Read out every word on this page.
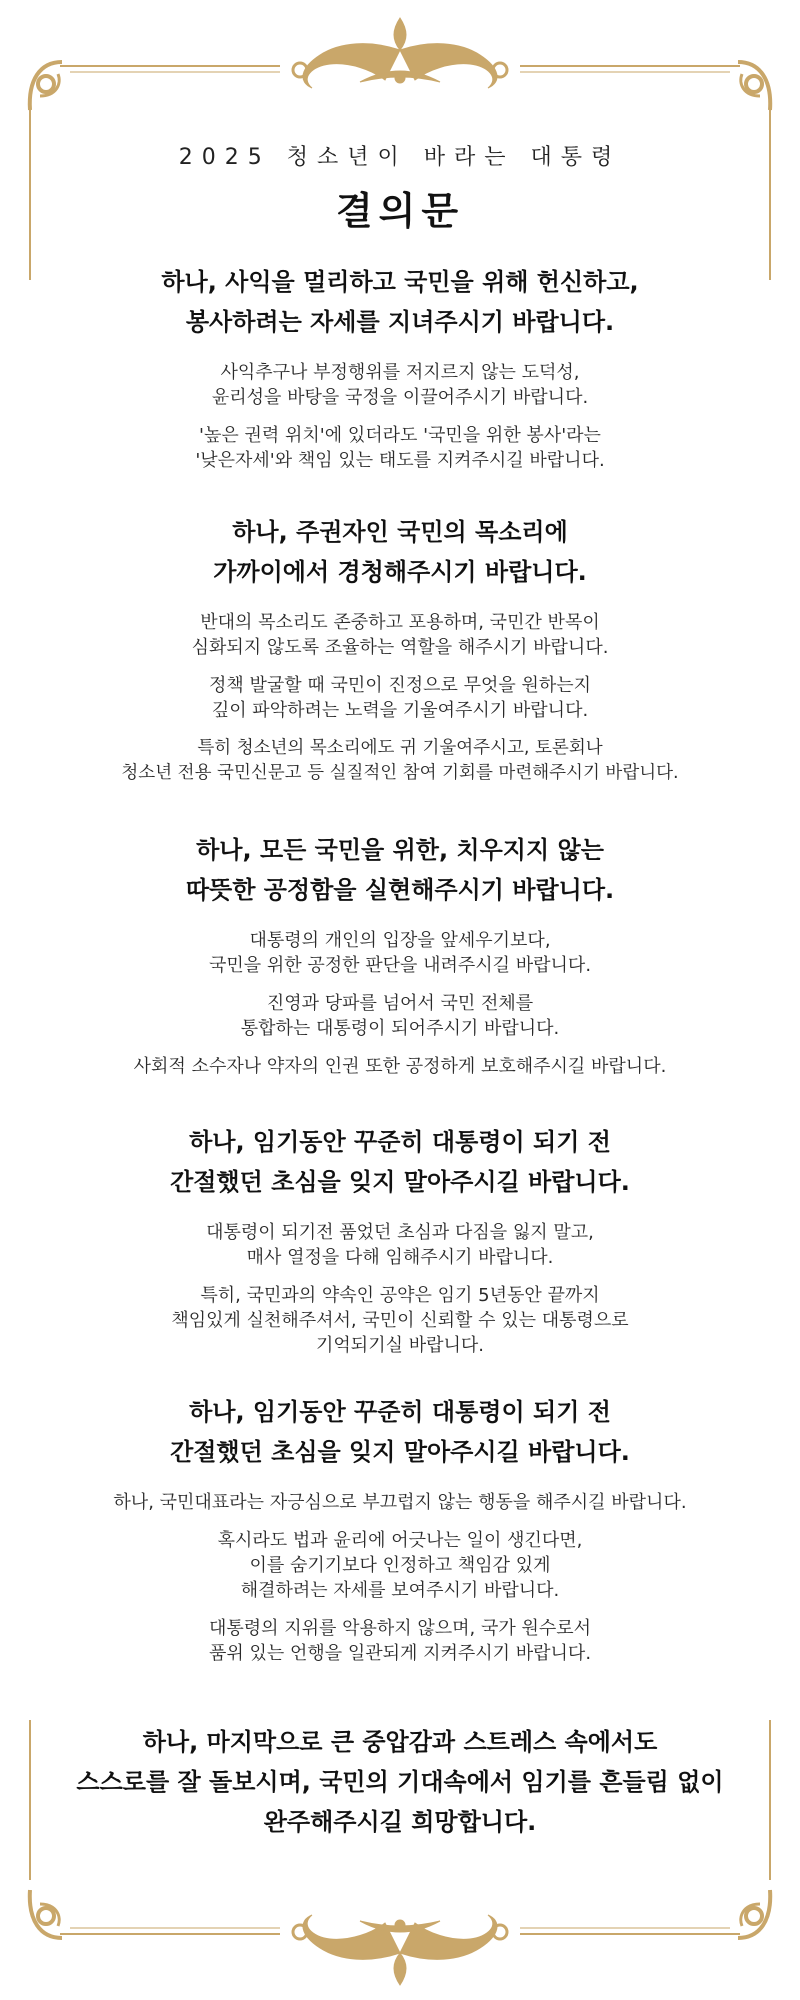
2025 청소년이 바라는 대통령
결의문
하나, 사익을 멀리하고 국민을 위해 헌신하고,
봉사하려는 자세를 지녀주시기 바랍니다.
사익추구나 부정행위를 저지르지 않는 도덕성,
윤리성을 바탕을 국정을 이끌어주시기 바랍니다.
'높은 권력 위치'에 있더라도 '국민을 위한 봉사'라는
'낮은자세'와 책임 있는 태도를 지켜주시길 바랍니다.
하나, 주권자인 국민의 목소리에
가까이에서 경청해주시기 바랍니다.
반대의 목소리도 존중하고 포용하며, 국민간 반목이
심화되지 않도록 조율하는 역할을 해주시기 바랍니다.
정책 발굴할 때 국민이 진정으로 무엇을 원하는지
깊이 파악하려는 노력을 기울여주시기 바랍니다.
특히 청소년의 목소리에도 귀 기울여주시고, 토론회나
청소년 전용 국민신문고 등 실질적인 참여 기회를 마련해주시기 바랍니다.
하나, 모든 국민을 위한, 치우지지 않는
따뜻한 공정함을 실현해주시기 바랍니다.
대통령의 개인의 입장을 앞세우기보다,
국민을 위한 공정한 판단을 내려주시길 바랍니다.
진영과 당파를 넘어서 국민 전체를
통합하는 대통령이 되어주시기 바랍니다.
사회적 소수자나 약자의 인권 또한 공정하게 보호해주시길 바랍니다.
하나, 임기동안 꾸준히 대통령이 되기 전
간절했던 초심을 잊지 말아주시길 바랍니다.
대통령이 되기전 품었던 초심과 다짐을 잃지 말고,
매사 열정을 다해 임해주시기 바랍니다.
특히, 국민과의 약속인 공약은 임기 5년동안 끝까지
책임있게 실천해주셔서, 국민이 신뢰할 수 있는 대통령으로
기억되기실 바랍니다.
하나, 임기동안 꾸준히 대통령이 되기 전
간절했던 초심을 잊지 말아주시길 바랍니다.
하나, 국민대표라는 자긍심으로 부끄럽지 않는 행동을 해주시길 바랍니다.
혹시라도 법과 윤리에 어긋나는 일이 생긴다면,
이를 숨기기보다 인정하고 책임감 있게
해결하려는 자세를 보여주시기 바랍니다.
대통령의 지위를 악용하지 않으며, 국가 원수로서
품위 있는 언행을 일관되게 지켜주시기 바랍니다.
하나, 마지막으로 큰 중압감과 스트레스 속에서도
스스로를 잘 돌보시며, 국민의 기대속에서 임기를 흔들림 없이
완주해주시길 희망합니다.
